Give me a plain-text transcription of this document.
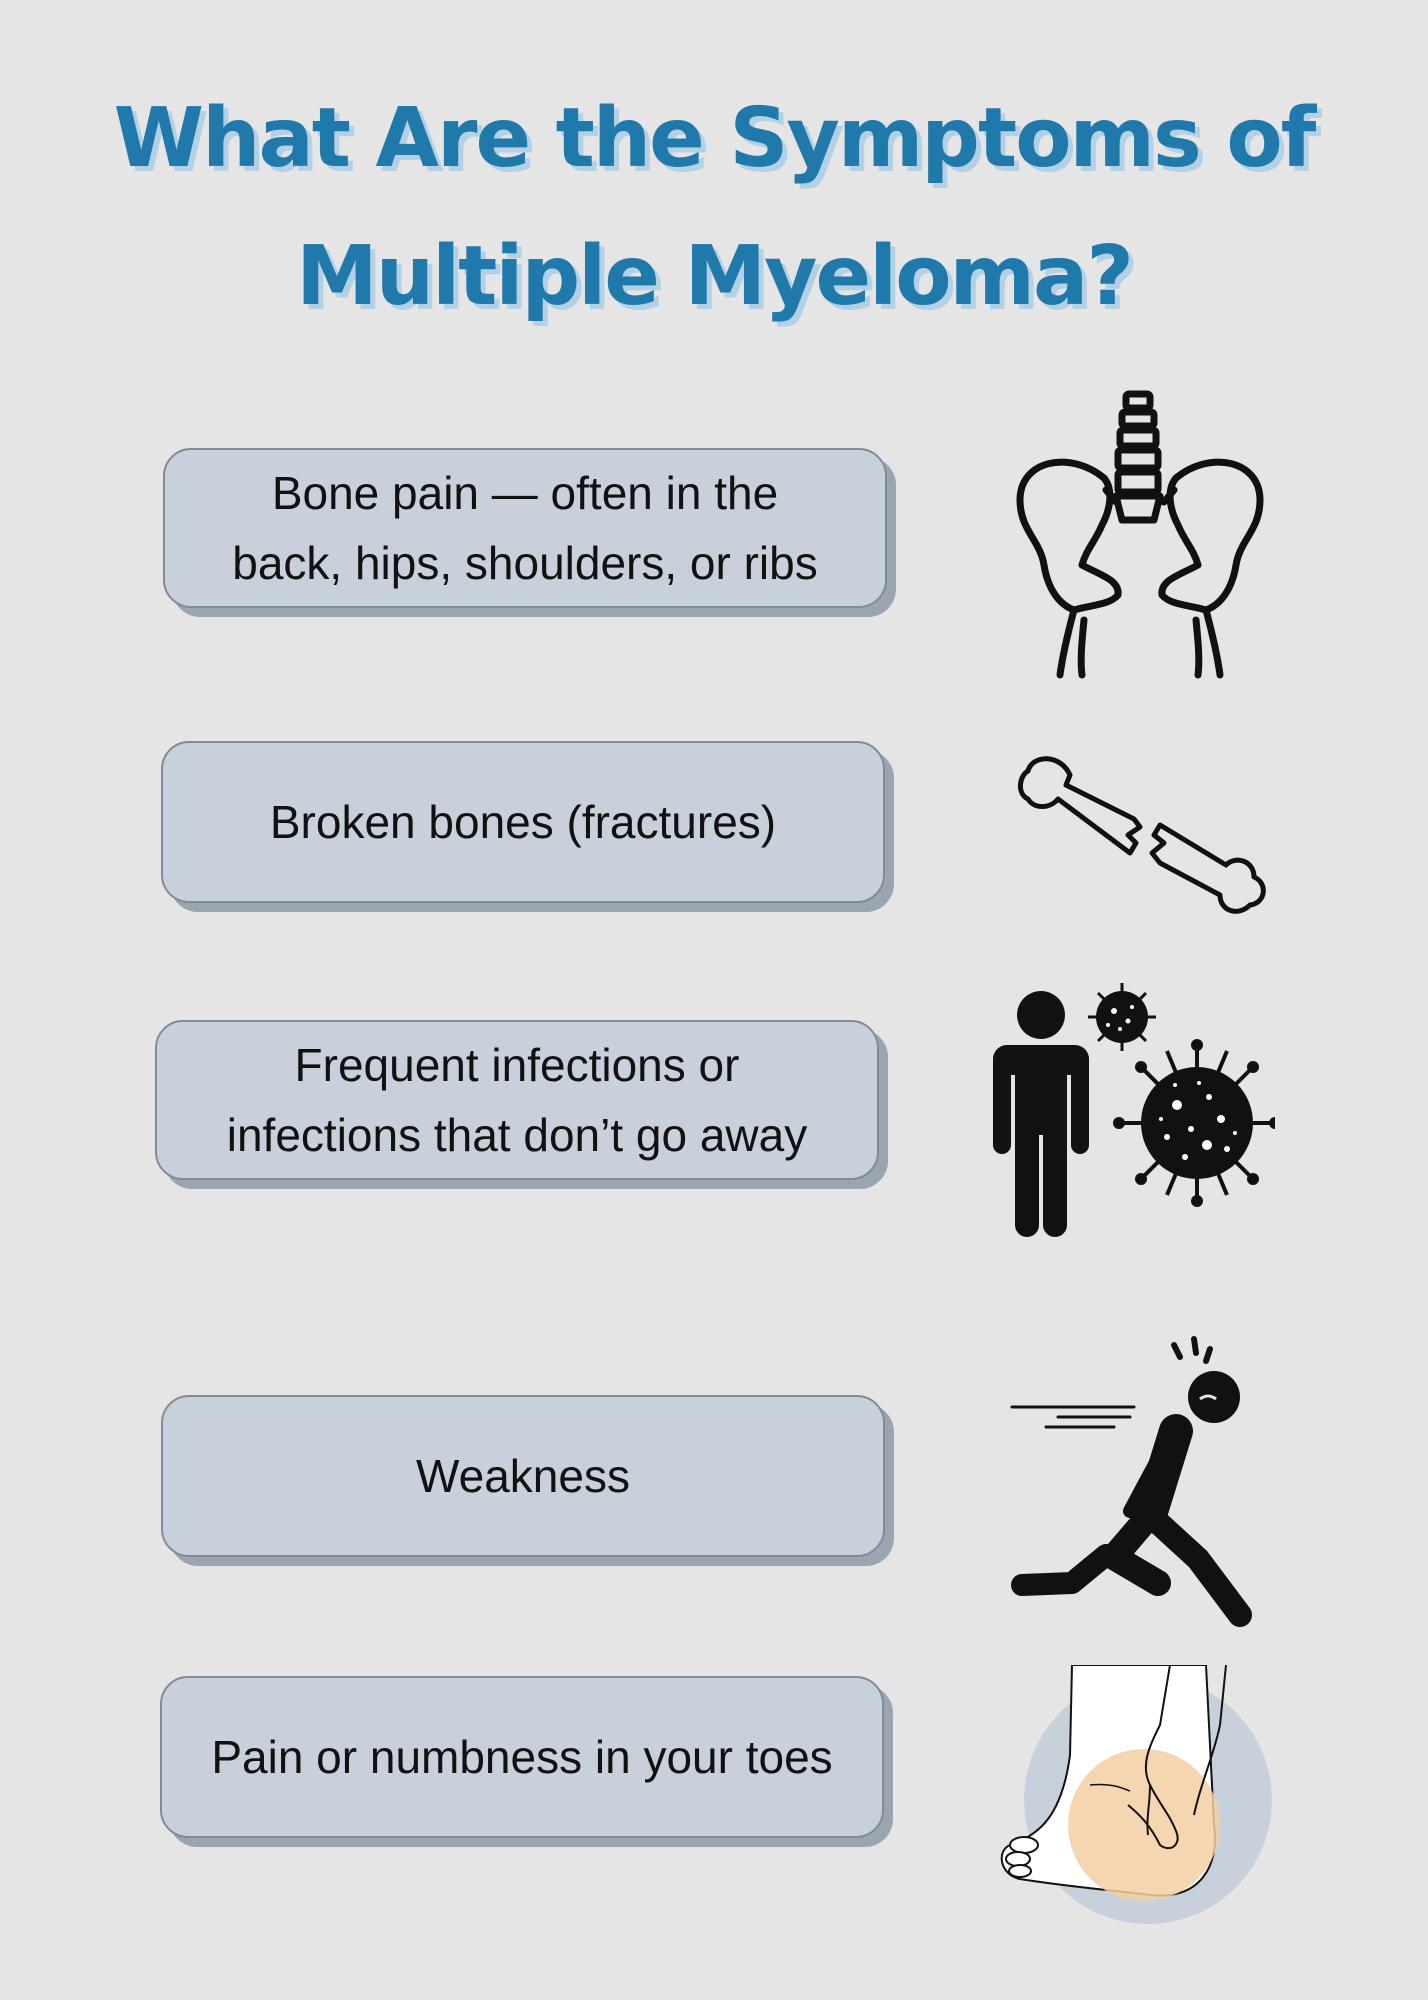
What Are the Symptoms of
Multiple Myeloma?
Bone pain — often in the
back, hips, shoulders, or ribs
Broken bones (fractures)
Frequent infections or
infections that don’t go away
Weakness
Pain or numbness in your toes
